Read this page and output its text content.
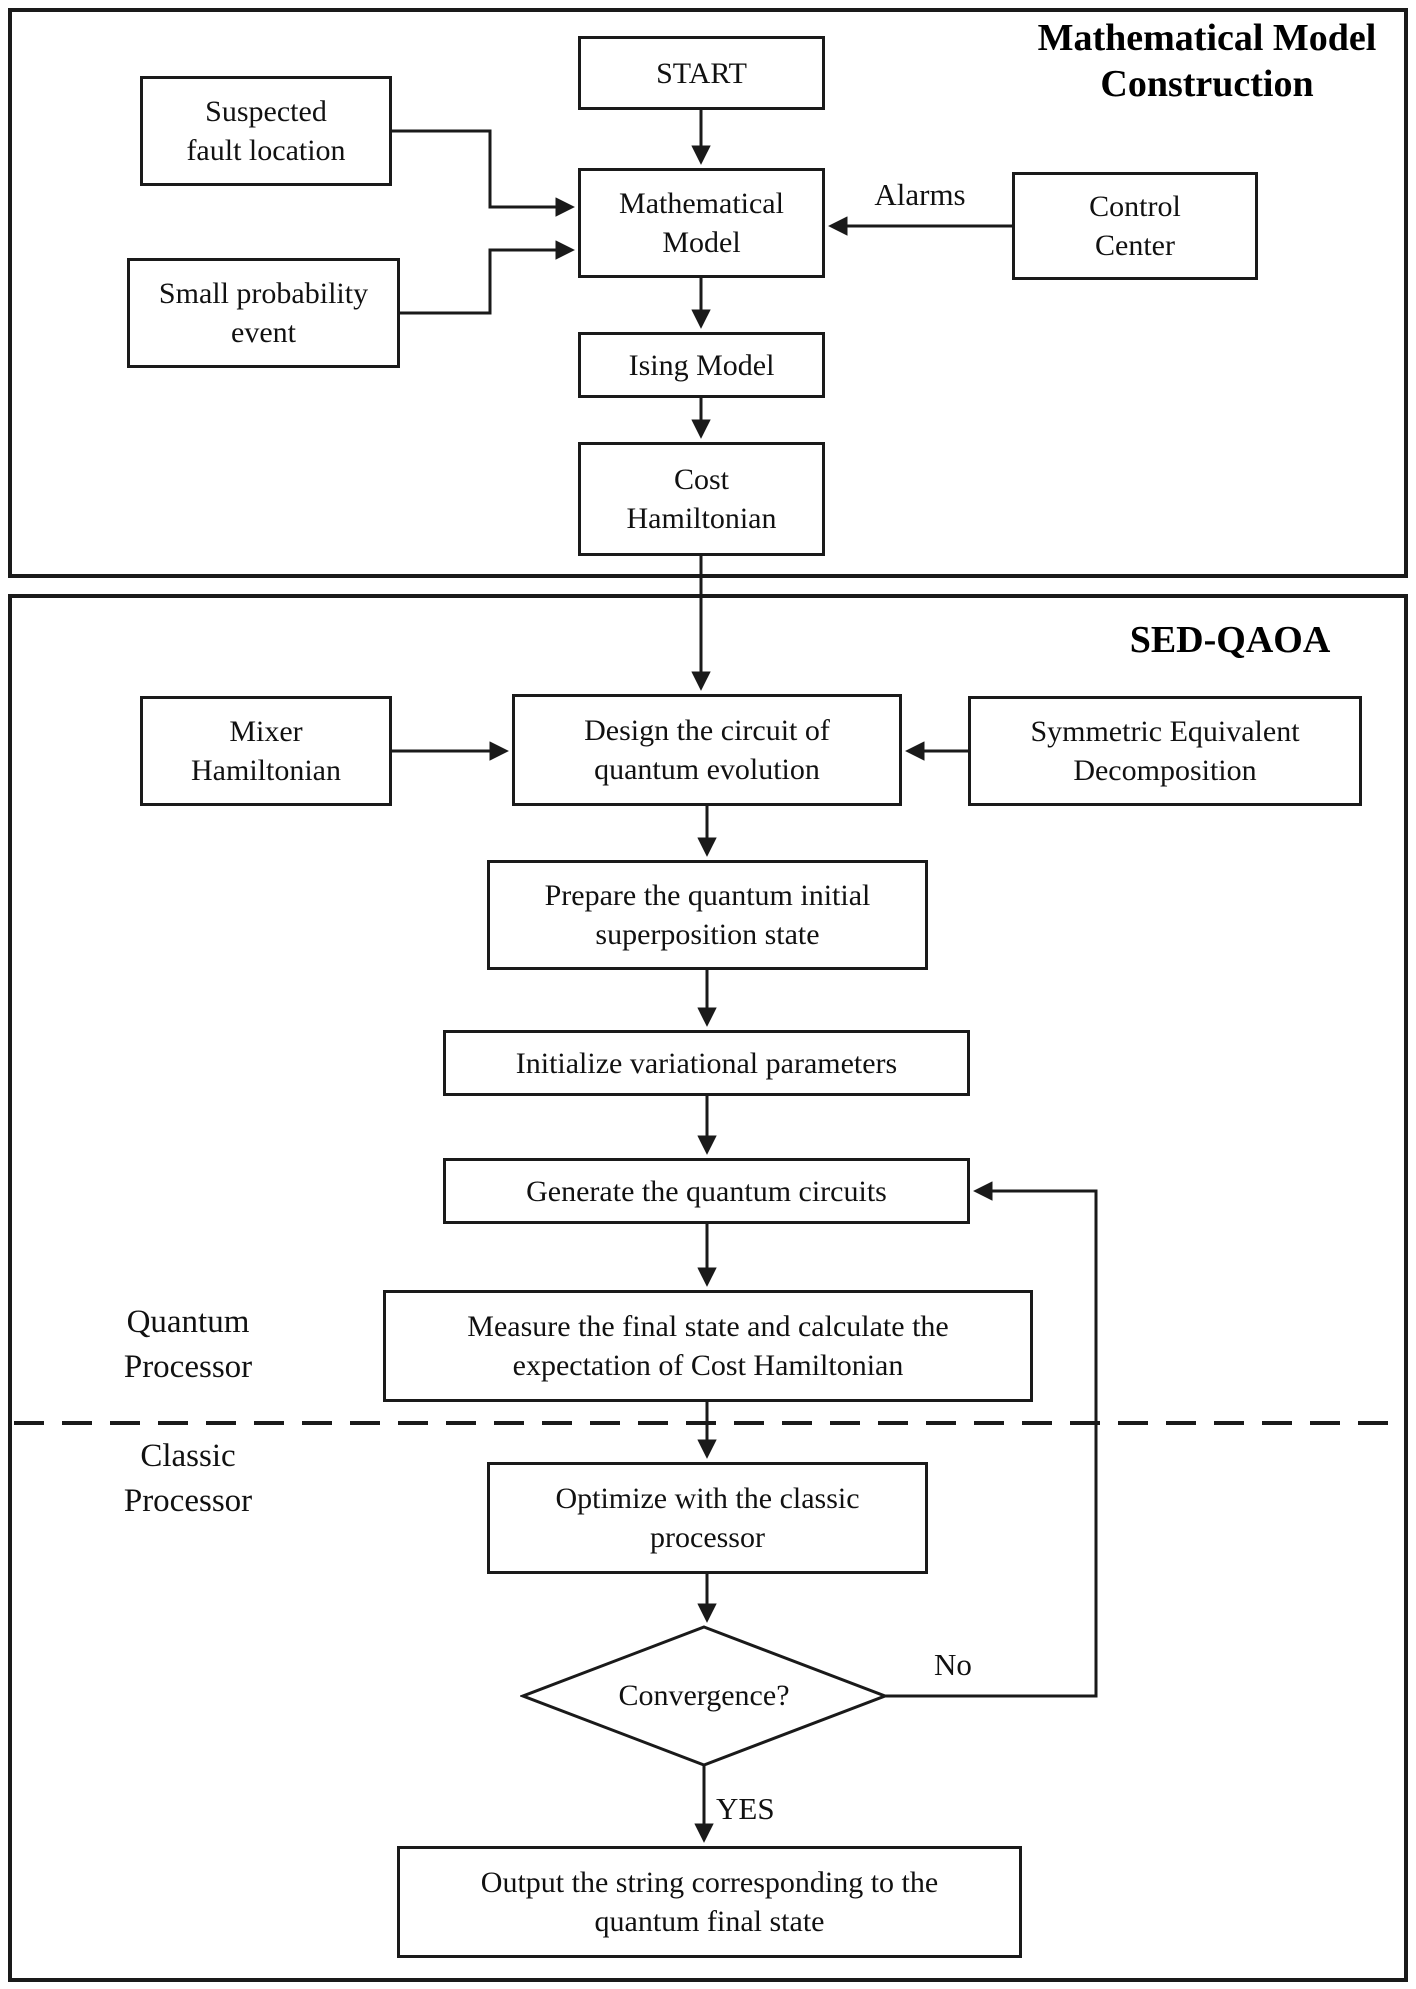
Mathematical Model
Construction
SED-QAOA
START
Suspected
fault location
Small probability
event
Mathematical
Model
Control
Center
Ising Model
Cost
Hamiltonian
Mixer
Hamiltonian
Design the circuit of
quantum evolution
Symmetric Equivalent
Decomposition
Prepare the quantum initial
superposition state
Initialize variational parameters
Generate the quantum circuits
Measure the final state and calculate the
expectation of Cost Hamiltonian
Optimize with the classic
processor
Convergence?
Output the string corresponding to the
quantum final state
Alarms
Quantum
Processor
Classic
Processor
No
YES
